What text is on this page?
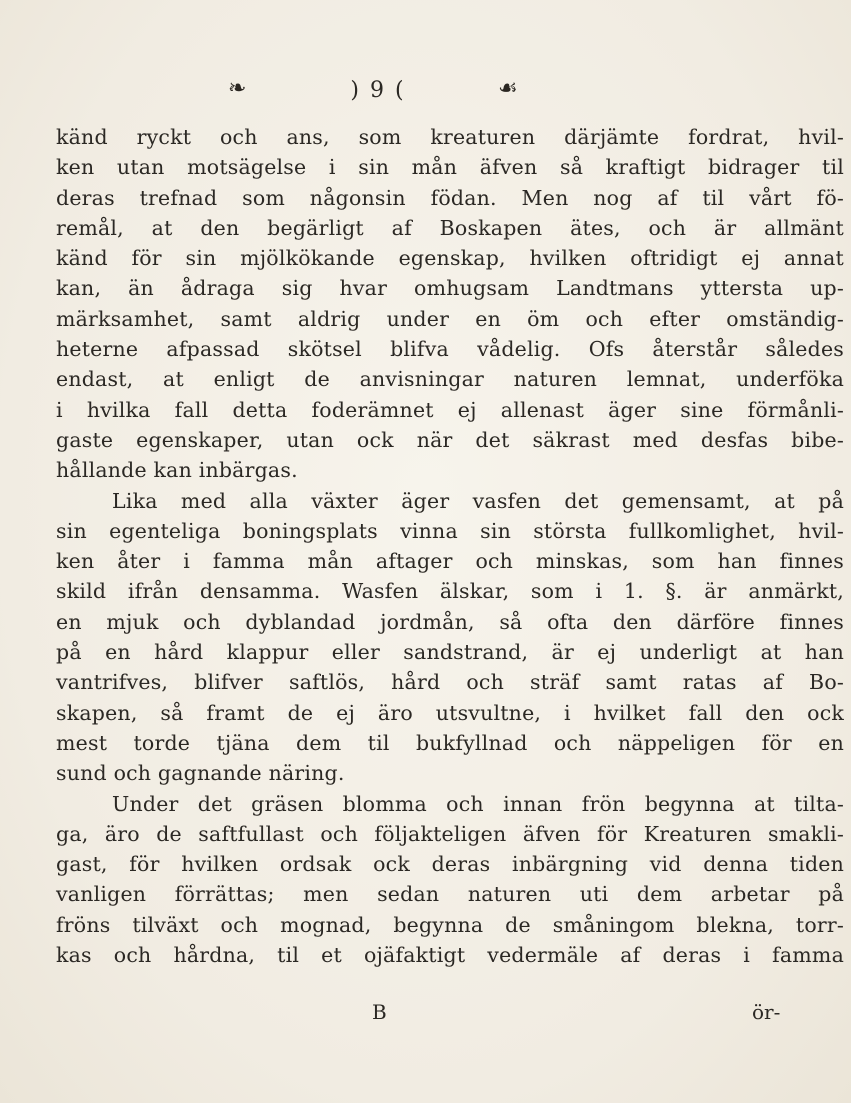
❧	) 9 (	☙
känd ryckt och ans, som kreaturen därjämte fordrat, hvil-
ken utan motsägelse i sin mån äfven så kraftigt bidrager til
deras trefnad som någonsin födan. Men nog af til vårt fö-
remål, at den begärligt af Boskapen ätes, och är allmänt
känd för sin mjölkökande egenskap, hvilken oftridigt ej annat
kan, än ådraga sig hvar omhugsam Landtmans yttersta up-
märksamhet, samt aldrig under en öm och efter omständig-
heterne afpassad skötsel blifva vådelig. Ofs återstår således
endast, at enligt de anvisningar naturen lemnat, underföka
i hvilka fall detta foderämnet ej allenast äger sine förmånli-
gaste egenskaper, utan ock när det säkrast med desfas bibe-
hållande kan inbärgas.
Lika med alla växter äger vasfen det gemensamt, at på
sin egenteliga boningsplats vinna sin största fullkomlighet, hvil-
ken åter i famma mån aftager och minskas, som han finnes
skild ifrån densamma. Wasfen älskar, som i 1. §. är anmärkt,
en mjuk och dyblandad jordmån, så ofta den därföre finnes
på en hård klappur eller sandstrand, är ej underligt at han
vantrifves, blifver saftlös, hård och sträf samt ratas af Bo-
skapen, så framt de ej äro utsvultne, i hvilket fall den ock
mest torde tjäna dem til bukfyllnad och näppeligen för en
sund och gagnande näring.
Under det gräsen blomma och innan frön begynna at tilta-
ga, äro de saftfullast och följakteligen äfven för Kreaturen smakli-
gast, för hvilken ordsak ock deras inbärgning vid denna tiden
vanligen förrättas; men sedan naturen uti dem arbetar på
fröns tilväxt och mognad, begynna de småningom blekna, torr-
kas och hårdna, til et ojäfaktigt vedermäle af deras i famma
B	ör-
